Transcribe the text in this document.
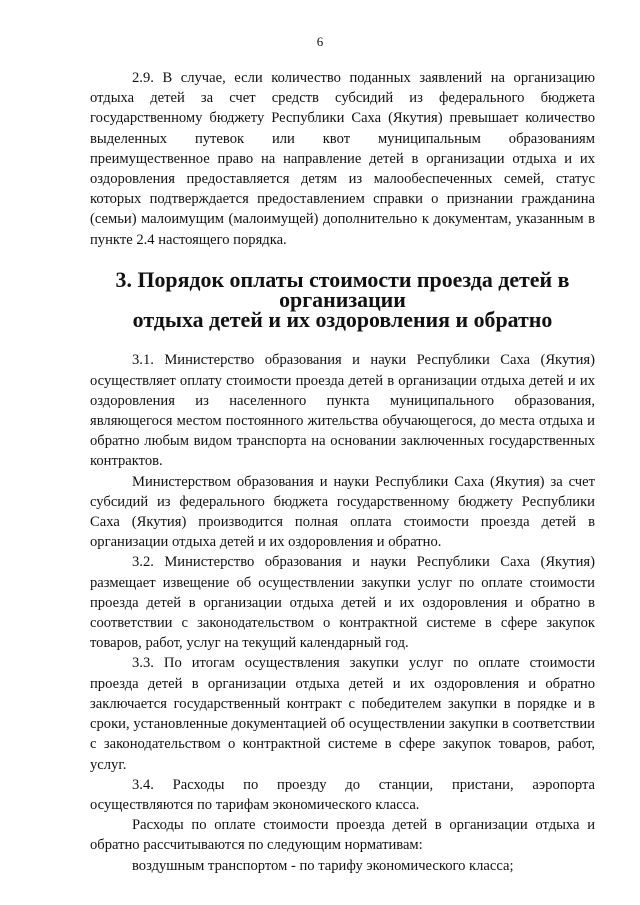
6

2.9. В случае, если количество поданных заявлений на организацию отдыха детей за счет средств субсидий из федерального бюджета государственному бюджету Республики Саха (Якутия) превышает количество выделенных путевок или квот муниципальным образованиям преимущественное право на направление детей в организации отдыха и их оздоровления предоставляется детям из малообеспеченных семей, статус которых подтверждается предоставлением справки о признании гражданина (семьи) малоимущим (малоимущей) дополнительно к документам, указанным в пункте 2.4 настоящего порядка.

3. Порядок оплаты стоимости проезда детей в организации
отдыха детей и их оздоровления и обратно

3.1. Министерство образования и науки Республики Саха (Якутия) осуществляет оплату стоимости проезда детей в организации отдыха детей и их оздоровления из населенного пункта муниципального образования, являющегося местом постоянного жительства обучающегося, до места отдыха и обратно любым видом транспорта на основании заключенных государственных контрактов.

Министерством образования и науки Республики Саха (Якутия) за счет субсидий из федерального бюджета государственному бюджету Республики Саха (Якутия) производится полная оплата стоимости проезда детей в организации отдыха детей и их оздоровления и обратно.

3.2. Министерство образования и науки Республики Саха (Якутия) размещает извещение об осуществлении закупки услуг по оплате стоимости проезда детей в организации отдыха детей и их оздоровления и обратно в соответствии с законодательством о контрактной системе в сфере закупок товаров, работ, услуг на текущий календарный год.

3.3. По итогам осуществления закупки услуг по оплате стоимости проезда детей в организации отдыха детей и их оздоровления и обратно заключается государственный контракт с победителем закупки в порядке и в сроки, установленные документацией об осуществлении закупки в соответствии с законодательством о контрактной системе в сфере закупок товаров, работ, услуг.

3.4. Расходы по проезду до станции, пристани, аэропорта осуществляются по тарифам экономического класса.

Расходы по оплате стоимости проезда детей в организации отдыха и обратно рассчитываются по следующим нормативам:

воздушным транспортом - по тарифу экономического класса;
